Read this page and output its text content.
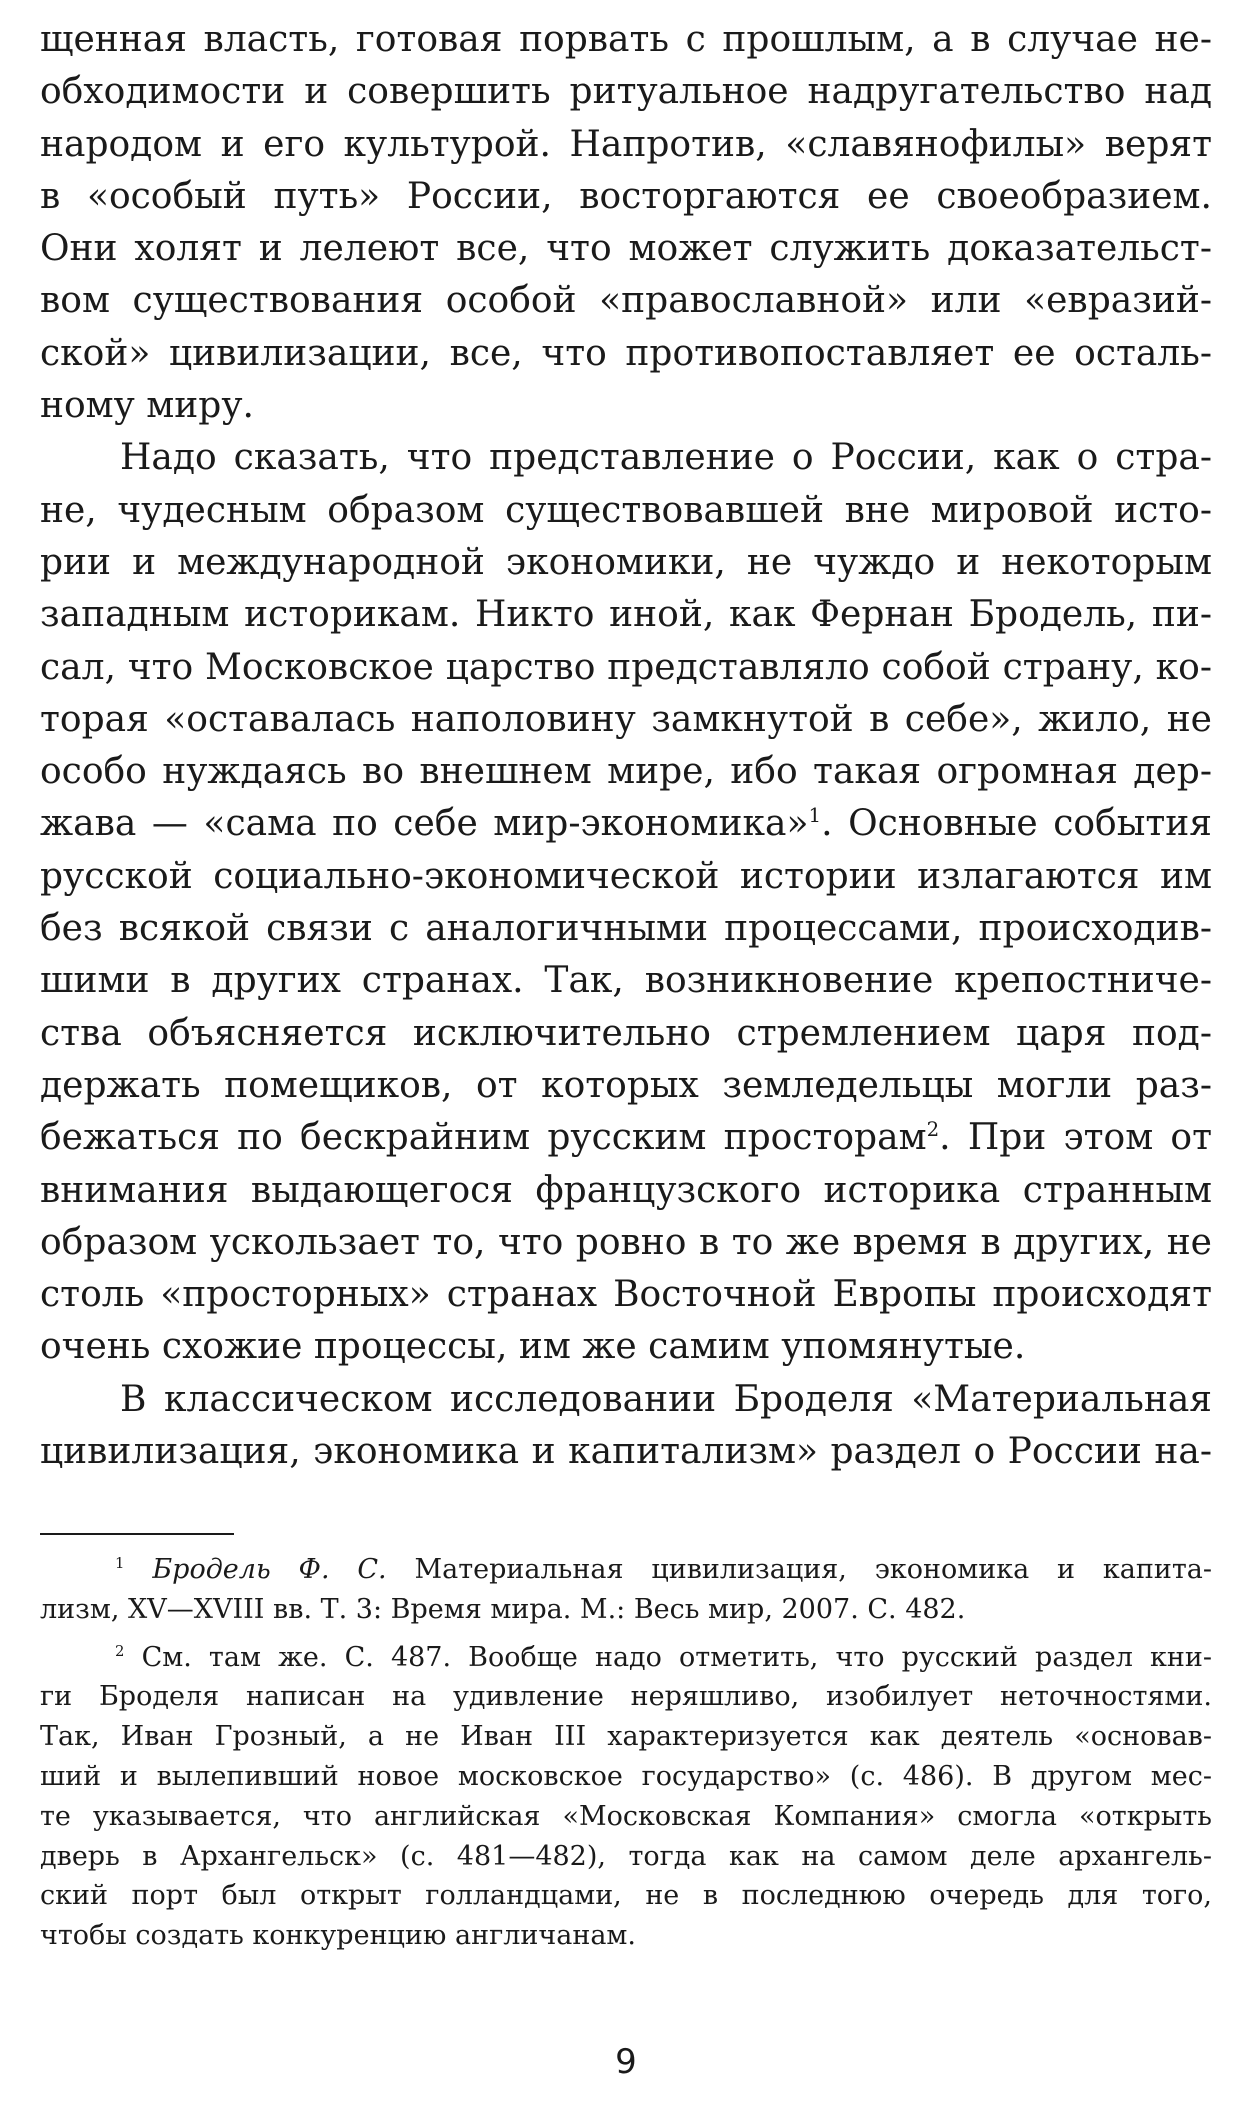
щенная власть, готовая порвать с прошлым, а в случае не-
обходимости и совершить ритуальное надругательство над
народом и его культурой. Напротив, «славянофилы» верят
в «особый путь» России, восторгаются ее своеобразием.
Они холят и лелеют все, что может служить доказательст-
вом существования особой «православной» или «евразий-
ской» цивилизации, все, что противопоставляет ее осталь-
ному миру.
Надо сказать, что представление о России, как о стра-
не, чудесным образом существовавшей вне мировой исто-
рии и международной экономики, не чуждо и некоторым
западным историкам. Никто иной, как Фернан Бродель, пи-
сал, что Московское царство представляло собой страну, ко-
торая «оставалась наполовину замкнутой в себе», жило, не
особо нуждаясь во внешнем мире, ибо такая огромная дер-
жава — «сама по себе мир-экономика»$^1$. Основные события
русской социально-экономической истории излагаются им
без всякой связи с аналогичными процессами, происходив-
шими в других странах. Так, возникновение крепостниче-
ства объясняется исключительно стремлением царя под-
держать помещиков, от которых земледельцы могли раз-
бежаться по бескрайним русским просторам$^2$. При этом от
внимания выдающегося французского историка странным
образом ускользает то, что ровно в то же время в других, не
столь «просторных» странах Восточной Европы происходят
очень схожие процессы, им же самим упомянутые.
В классическом исследовании Броделя «Материальная
цивилизация, экономика и капитализм» раздел о России на-
$^1$ Бродель Ф. С. Материальная цивилизация, экономика и капита-
лизм, XV—XVIII вв. Т. 3: Время мира. М.: Весь мир, 2007. С. 482.
$^2$ См. там же. С. 487. Вообще надо отметить, что русский раздел кни-
ги Броделя написан на удивление неряшливо, изобилует неточностями.
Так, Иван Грозный, а не Иван III характеризуется как деятель «основав-
ший и вылепивший новое московское государство» (с. 486). В другом мес-
те указывается, что английская «Московская Компания» смогла «открыть
дверь в Архангельск» (с. 481—482), тогда как на самом деле архангель-
ский порт был открыт голландцами, не в последнюю очередь для того,
чтобы создать конкуренцию англичанам.
9
